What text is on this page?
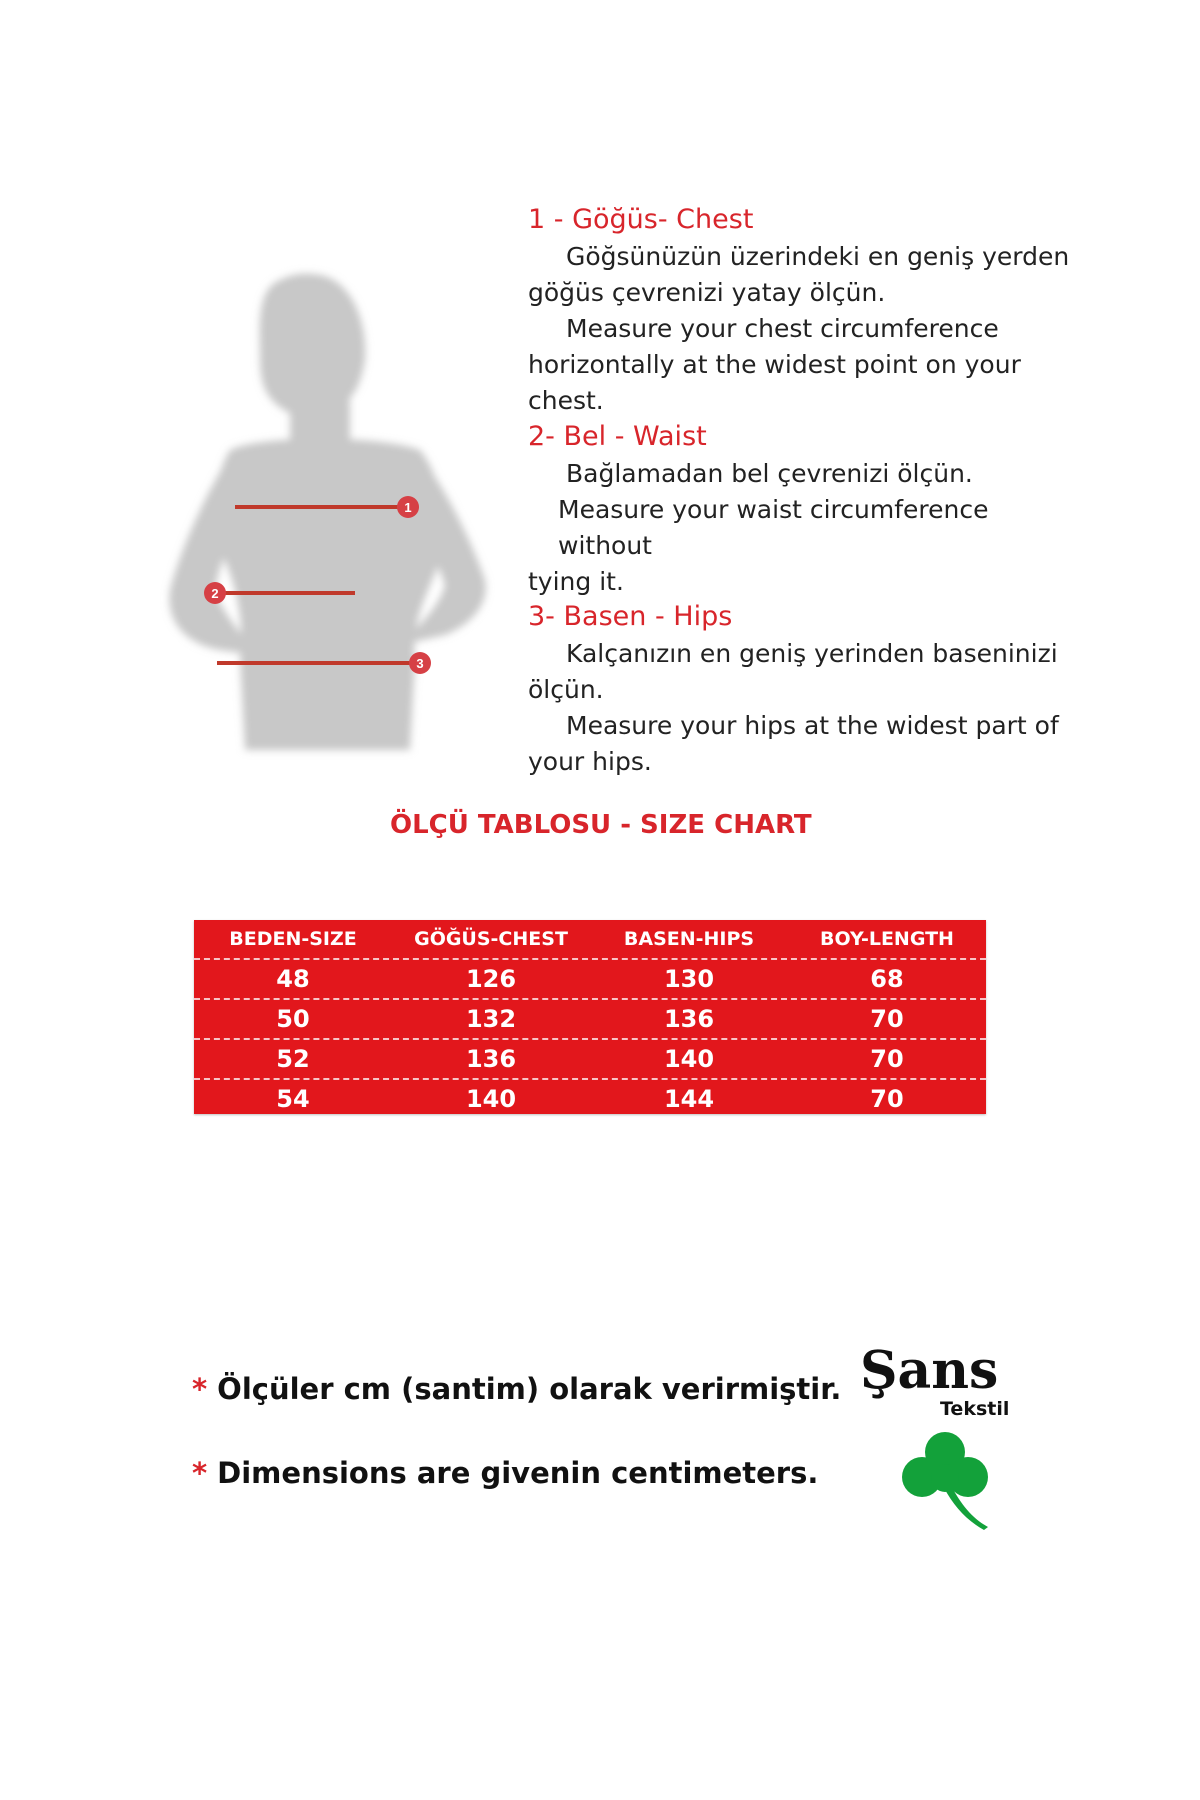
1
2
3
1 - Göğüs- Chest

Göğsünüzün üzerindeki en geniş yerden

göğüs çevrenizi yatay ölçün.

Measure your chest circumference

horizontally at the widest point on your chest.

2- Bel - Waist

Bağlamadan bel çevrenizi ölçün.

Measure your waist circumference without

tying it.

3- Basen - Hips

Kalçanızın en geniş yerinden baseninizi

ölçün.

Measure your hips at the widest part of

your hips.

ÖLÇÜ TABLOSU - SIZE CHART
BEDEN-SIZE	GÖĞÜS-CHEST	BASEN-HIPS	BOY-LENGTH
48	126	130	68
50	132	136	70
52	136	140	70
54	140	144	70
* Ölçüler cm (santim) olarak verirmiştir.
* Dimensions are givenin centimeters.
Şans
Tekstil
